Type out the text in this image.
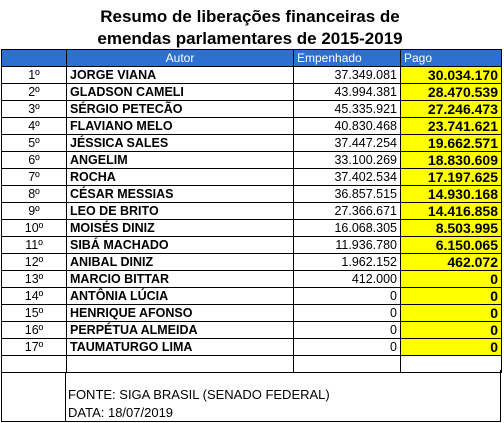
Resumo de liberações financeiras de
emendas parlamentares de 2015-2019
	Autor	Empenhado	Pago
1º	JORGE VIANA	37.349.081	30.034.170
2º	GLADSON CAMELI	43.994.381	28.470.539
3º	SÉRGIO PETECÃO	45.335.921	27.246.473
4º	FLAVIANO MELO	40.830.468	23.741.621
5º	JÉSSICA SALES	37.447.254	19.662.571
6º	ANGELIM	33.100.269	18.830.609
7º	ROCHA	37.402.534	17.197.625
8º	CÉSAR MESSIAS	36.857.515	14.930.168
9º	LEO DE BRITO	27.366.671	14.416.858
10º	MOISÉS DINIZ	16.068.305	8.503.995
11º	SIBÁ MACHADO	11.936.780	6.150.065
12º	ANIBAL DINIZ	1.962.152	462.072
13º	MARCIO BITTAR	412.000	0
14º	ANTÔNIA LÚCIA	0	0
15º	HENRIQUE AFONSO	0	0
16º	PERPÉTUA ALMEIDA	0	0
17º	TAUMATURGO LIMA	0	0

FONTE: SIGA BRASIL (SENADO FEDERAL)
DATA: 18/07/2019
